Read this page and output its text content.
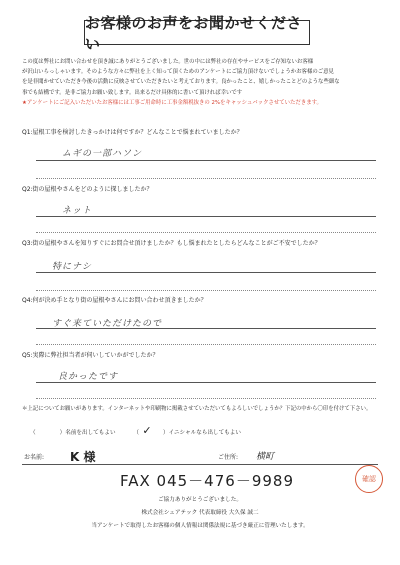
お客様のお声をお聞かせください
この度は弊社にお問い合わせを頂き誠にありがとうございました。世の中には弊社の存在やサービスをご存知ないお客様
が沢山いらっしゃいます。そのような方々に弊社を上く知って頂くためのアンケートにご協力頂けないでしょうかお客様のご意見
を是非聞かせていただき今後の活動に反映させていただきたいと考えております。良かったこと、嬉しかったことどのような些細な
事でも結構です。是非ご協力お願い致します。出来るだけ具体的に書いて頂ければ幸いです
★アンケートにご記入いただいたお客様には工事ご用命時に工事金額税抜きの 2%をキャッシュバックさせていただきます。
Q1:屋根工事を検討したきっかけは何ですか？どんなことで悩まれていましたか？
ムギの一部ハソン
Q2:街の屋根やさんをどのように探しましたか？
ネット
Q3:街の屋根やさんを知りすぐにお問合せ頂けましたか？もし悩まれたとしたらどんなことがご不安でしたか？
特にナシ
Q4:何が決め手となり街の屋根やさんにお問い合わせ頂きましたか？
すぐ来ていただけたので
Q5:実際に弊社担当者が伺いしていかがでしたか？
良かったです
＊上記についてお願いがあります。インターネットや印刷物に掲載させていただいてもよろしいでしょうか？下記の中から〇印を付けて下さい。
（	）名前を出してもよい	（ ✓ ）イニシャルなら出してもよい
お名前: K 様	ご住所: 横町
FAX 045－476－9989	確認
ご協力ありがとうございました。
株式会社シェアテック 代表取締役 大久保 誠二
当アンケートで取得したお客様の個人情報は関係法規に基づき厳正に管理いたします。
